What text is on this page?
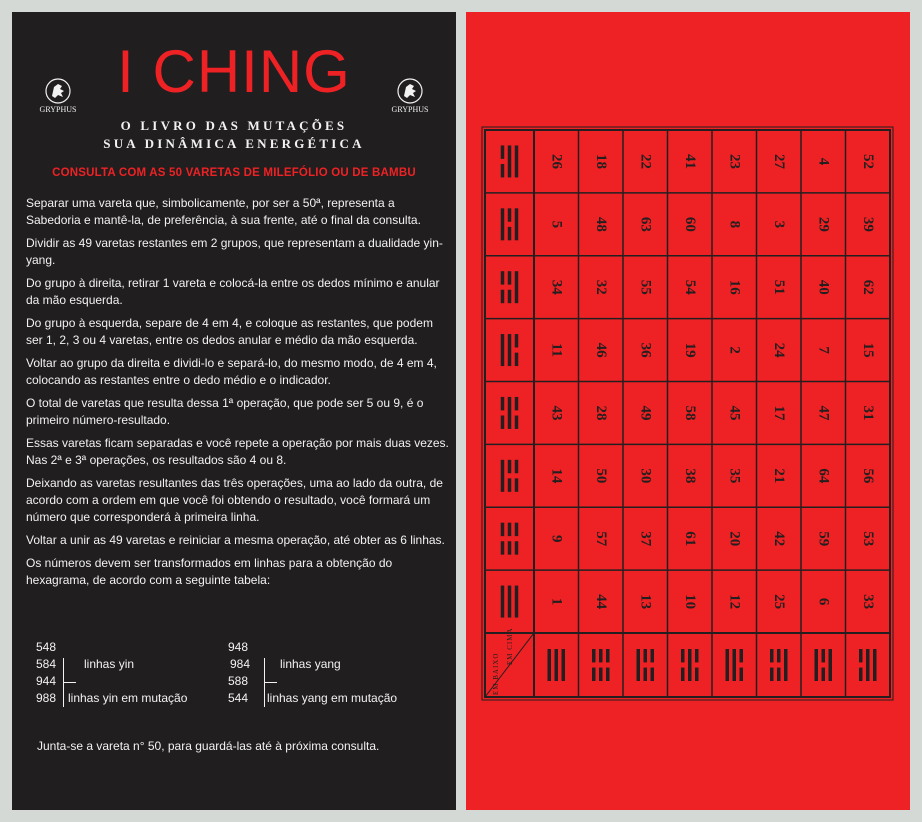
I CHING
O LIVRO DAS MUTAÇÕES
SUA DINÂMICA ENERGÉTICA
GRYPHUS	GRYPHUS
CONSULTA COM AS 50 VARETAS DE MILEFÓLIO OU DE BAMBU

Separar uma vareta que, simbolicamente, por ser a 50ª, representa a Sabedoria e mantê-la, de preferência, à sua frente, até o final da consulta.

Dividir as 49 varetas restantes em 2 grupos, que representam a dualidade yin-yang.

Do grupo à direita, retirar 1 vareta e colocá-la entre os dedos mínimo e anular da mão esquerda.

Do grupo à esquerda, separe de 4 em 4, e coloque as restantes, que podem ser 1, 2, 3 ou 4 varetas, entre os dedos anular e médio da mão esquerda.

Voltar ao grupo da direita e dividi-lo e separá-lo, do mesmo modo, de 4 em 4, colocando as restantes entre o dedo médio e o indicador.

O total de varetas que resulta dessa 1ª operação, que pode ser 5 ou 9, é o primeiro número-resultado.

Essas varetas ficam separadas e você repete a operação por mais duas vezes. Nas 2ª e 3ª operações, os resultados são 4 ou 8.

Deixando as varetas resultantes das três operações, uma ao lado da outra, de acordo com a ordem em que você foi obtendo o resultado, você formará um número que corresponderá à primeira linha.

Voltar a unir as 49 varetas e reiniciar a mesma operação, até obter as 6 linhas.

Os números devem ser transformados em linhas para a obtenção do hexagrama, de acordo com a seguinte tabela:

548
584
944
988
linhas yin
linhas yin em mutação
948
984
588
544
linhas yang
linhas yang em mutação
Junta-se a vareta n° 50, para guardá-las até à próxima consulta.
EM CIMA
EM BAIXO
26 18 22 41 23 27 4 52
5 48 63 60 8 3 29 39
34 32 55 54 16 51 40 62
11 46 36 19 2 24 7 15
43 28 49 58 45 17 47 31
14 50 30 38 35 21 64 56
9 57 37 61 20 42 59 53
1 44 13 10 12 25 6 33
